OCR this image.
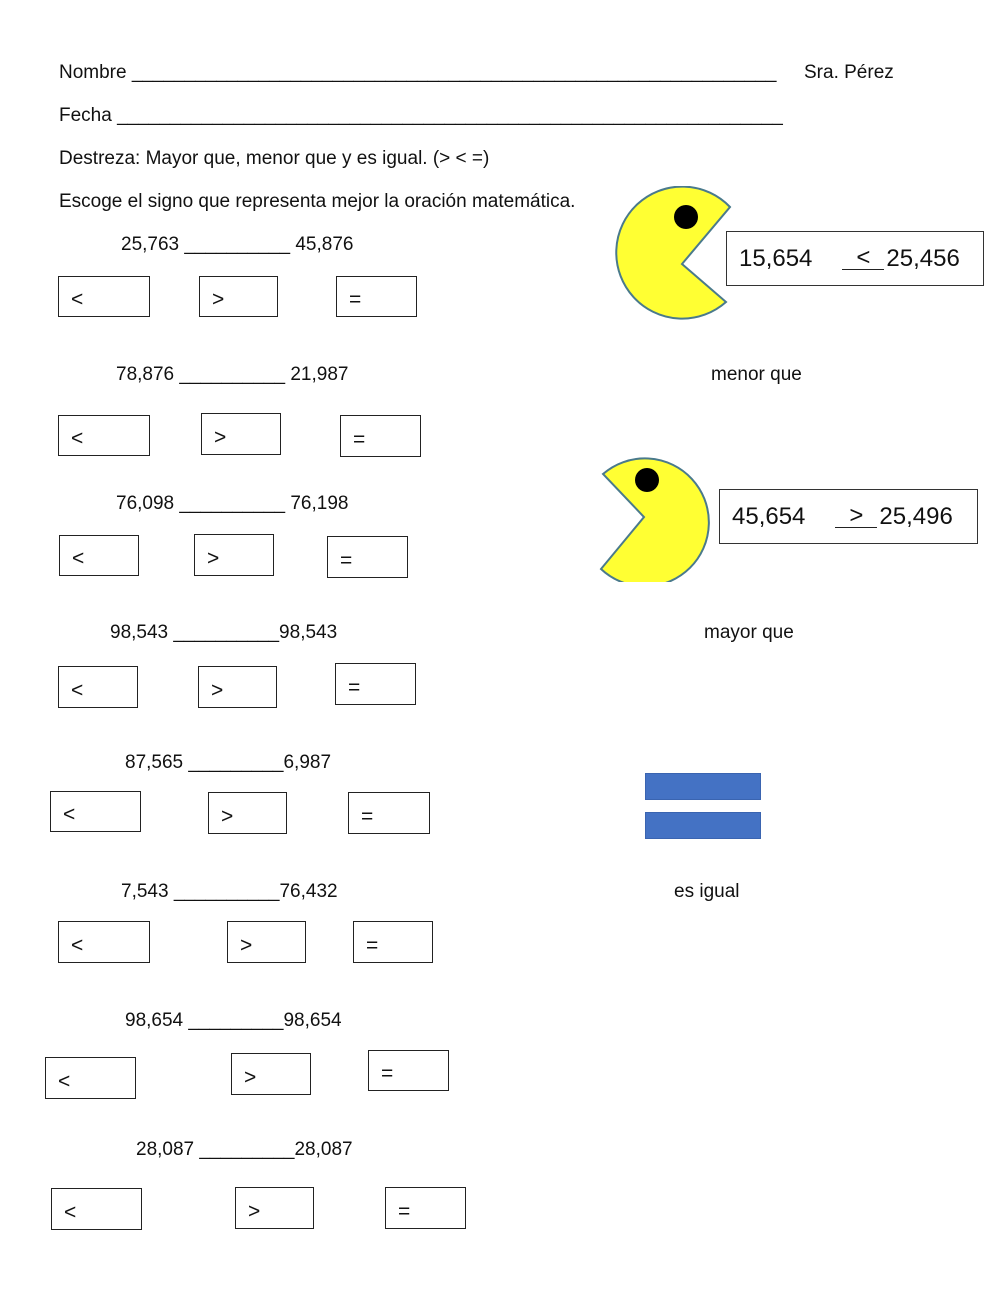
Nombre _____________________________________________________________ Sra. Pérez
Fecha _______________________________________________________________
Destreza: Mayor que, menor que y es igual. (> < =)
Escoge el signo que representa mejor la oración matemática.
25,763 __________ 45,876
<	>	=
78,876 __________ 21,987
<	>	=
76,098 __________ 76,198
<	>	=
98,543 __________98,543
<	>	=
87,565 _________6,987
<	>	=
7,543 __________76,432
<	>	=
98,654 _________98,654
<	>	=
28,087 _________28,087
<	>	=
15,654	< 25,456
menor que
45,654	> 25,496
mayor que
es igual
